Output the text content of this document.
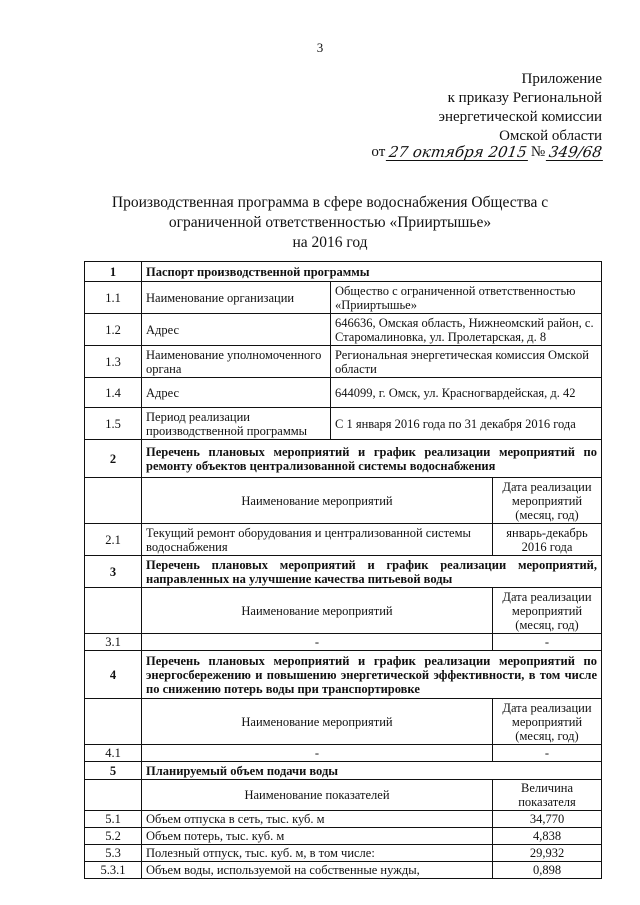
3
Приложение
к приказу Региональной
энергетической комиссии
Омской области
от 27 октября 2015 № 349/68
Производственная программа в сфере водоснабжения Общества с
ограниченной ответственностью «Прииртышье»
на 2016 год
1	Паспорт производственной программы		
1.1	Наименование организации	Общество с ограниченной ответственностью «Прииртышье»	
1.2	Адрес	646636, Омская область, Нижнеомский район, с. Старомалиновка, ул. Пролетарская, д. 8	
1.3	Наименование уполномоченного органа	Региональная энергетическая комиссия Омской области	
1.4	Адрес	644099, г. Омск, ул. Красногвардейская, д. 42	
1.5	Период реализации производственной программы	С 1 января 2016 года по 31 декабря 2016 года	
2	Перечень плановых мероприятий и график реализации мероприятий по ремонту объектов централизованной системы водоснабжения		
	Наименование мероприятий		Дата реализации мероприятий (месяц, год)
2.1	Текущий ремонт оборудования и централизованной системы водоснабжения		январь-декабрь 2016 года
3	Перечень плановых мероприятий и график реализации мероприятий, направленных на улучшение качества питьевой воды		
	Наименование мероприятий		Дата реализации мероприятий (месяц, год)
3.1	-		-
4	Перечень плановых мероприятий и график реализации мероприятий по энергосбережению и повышению энергетической эффективности, в том числе по снижению потерь воды при транспортировке		
	Наименование мероприятий		Дата реализации мероприятий (месяц, год)
4.1	-		-
5	Планируемый объем подачи воды		
	Наименование показателей		Величина показателя
5.1	Объем отпуска в сеть, тыс. куб. м		34,770
5.2	Объем потерь, тыс. куб. м		4,838
5.3	Полезный отпуск, тыс. куб. м, в том числе:		29,932
5.3.1	Объем воды, используемой на собственные нужды,		0,898
